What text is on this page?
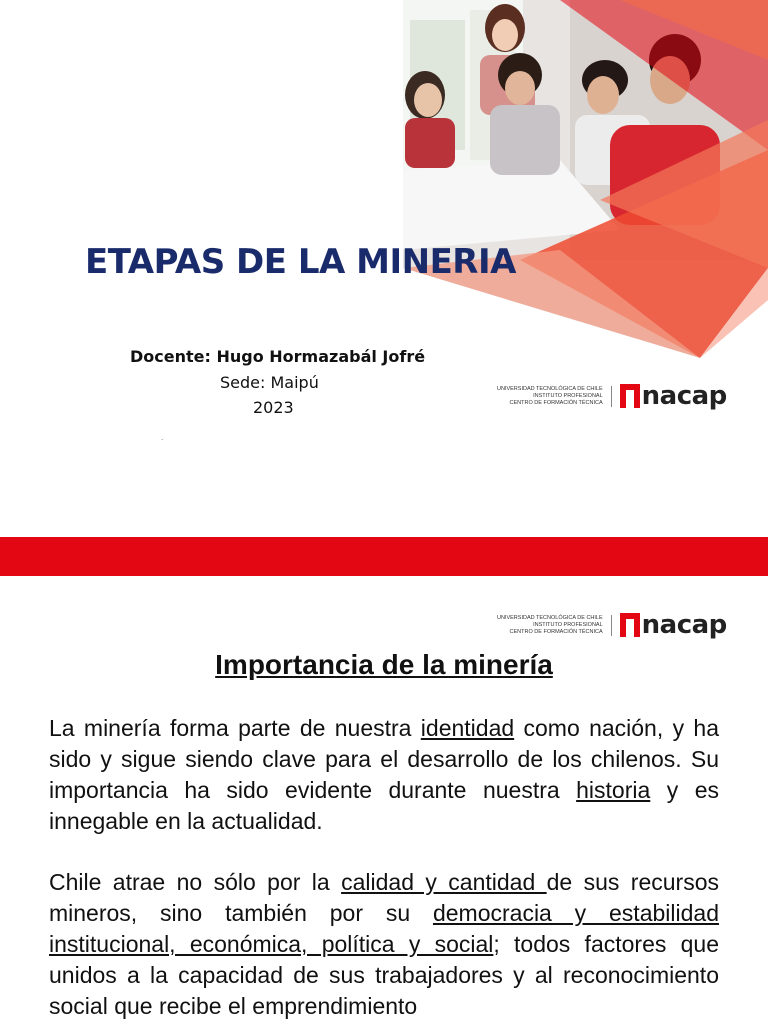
ETAPAS DE LA MINERIA
Docente: Hugo Hormazabál Jofré
Sede: Maipú
2023
.
UNIVERSIDAD TECNOLÓGICA DE CHILE
INSTITUTO PROFESIONAL
CENTRO DE FORMACIÓN TÉCNICA nacap
UNIVERSIDAD TECNOLÓGICA DE CHILE
INSTITUTO PROFESIONAL
CENTRO DE FORMACIÓN TÉCNICA nacap
Importancia de la minería
La minería forma parte de nuestra identidad como nación, y ha sido y sigue siendo clave para el desarrollo de los chilenos. Su importancia ha sido evidente durante nuestra historia y es innegable en la actualidad.
Chile atrae no sólo por la calidad y cantidad de sus recursos mineros, sino también por su democracia y estabilidad institucional, económica, política y social; todos factores que unidos a la capacidad de sus trabajadores y al reconocimiento social que recibe el emprendimiento
